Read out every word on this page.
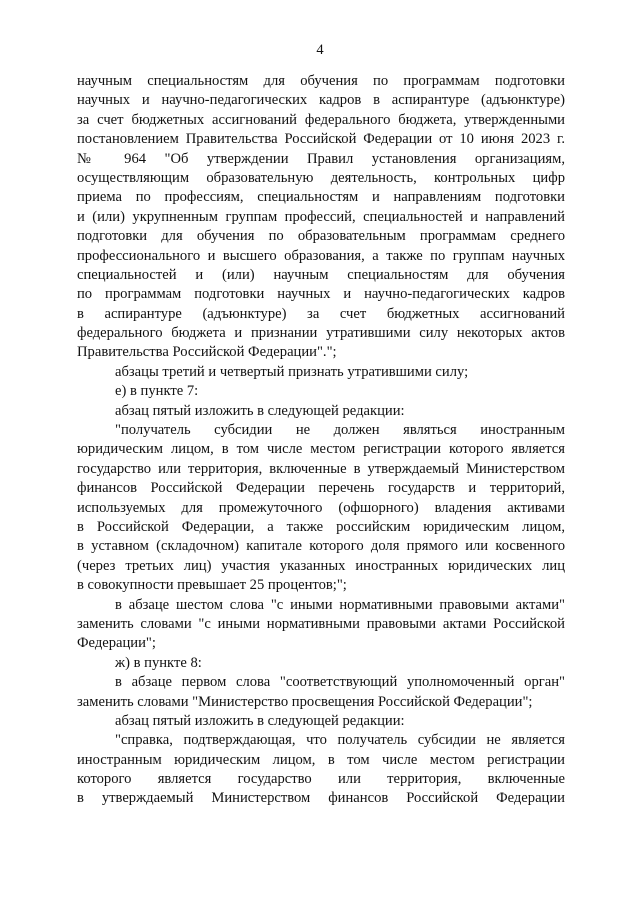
4
научным специальностям для обучения по программам подготовки
научных и научно-педагогических кадров в аспирантуре (адъюнктуре)
за счет бюджетных ассигнований федерального бюджета, утвержденными
постановлением Правительства Российской Федерации от 10 июня 2023 г.
№ 964 "Об утверждении Правил установления организациям,
осуществляющим образовательную деятельность, контрольных цифр
приема по профессиям, специальностям и направлениям подготовки
и (или) укрупненным группам профессий, специальностей и направлений
подготовки для обучения по образовательным программам среднего
профессионального и высшего образования, а также по группам научных
специальностей и (или) научным специальностям для обучения
по программам подготовки научных и научно-педагогических кадров
в аспирантуре (адъюнктуре) за счет бюджетных ассигнований
федерального бюджета и признании утратившими силу некоторых актов
Правительства Российской Федерации".";
абзацы третий и четвертый признать утратившими силу;
е) в пункте 7:
абзац пятый изложить в следующей редакции:
"получатель субсидии не должен являться иностранным
юридическим лицом, в том числе местом регистрации которого является
государство или территория, включенные в утверждаемый Министерством
финансов Российской Федерации перечень государств и территорий,
используемых для промежуточного (офшорного) владения активами
в Российской Федерации, а также российским юридическим лицом,
в уставном (складочном) капитале которого доля прямого или косвенного
(через третьих лиц) участия указанных иностранных юридических лиц
в совокупности превышает 25 процентов;";
в абзаце шестом слова "с иными нормативными правовыми актами"
заменить словами "с иными нормативными правовыми актами Российской
Федерации";
ж) в пункте 8:
в абзаце первом слова "соответствующий уполномоченный орган"
заменить словами "Министерство просвещения Российской Федерации";
абзац пятый изложить в следующей редакции:
"справка, подтверждающая, что получатель субсидии не является
иностранным юридическим лицом, в том числе местом регистрации
которого является государство или территория, включенные
в утверждаемый Министерством финансов Российской Федерации
